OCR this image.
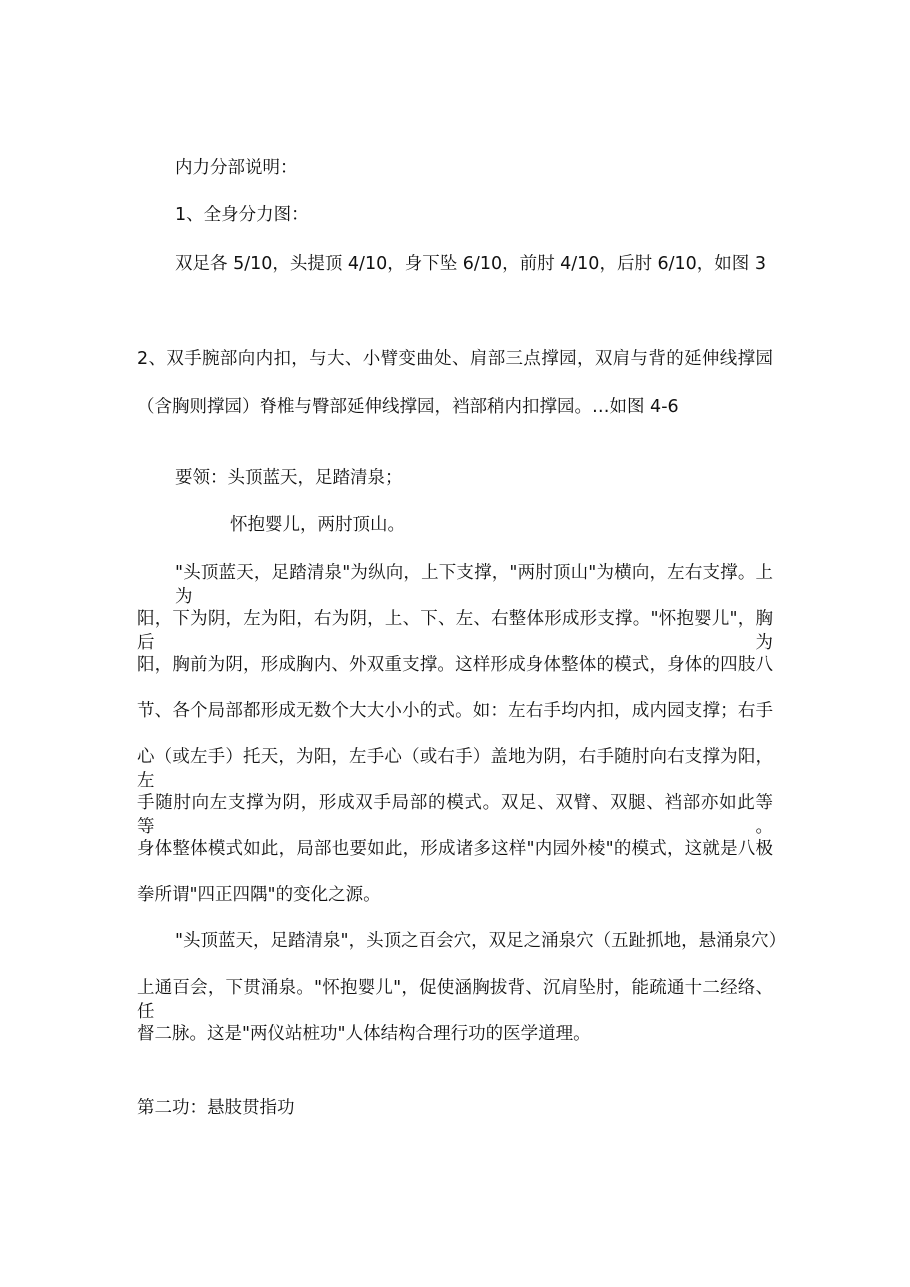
内力分部说明：
1、全身分力图：
双足各 5/10，头提顶 4/10，身下坠 6/10，前肘 4/10，后肘 6/10，如图 3
2、双手腕部向内扣，与大、小臂变曲处、肩部三点撑园，双肩与背的延伸线撑园
（含胸则撑园）脊椎与臀部延伸线撑园，裆部稍内扣撑园。…如图 4-6
要领：头顶蓝天，足踏清泉；
怀抱婴儿，两肘顶山。
"头顶蓝天，足踏清泉"为纵向，上下支撑，"两肘顶山"为横向，左右支撑。上为
阳，下为阴，左为阳，右为阴，上、下、左、右整体形成形支撑。"怀抱婴儿"，胸后为
阳，胸前为阴，形成胸内、外双重支撑。这样形成身体整体的模式，身体的四肢八
节、各个局部都形成无数个大大小小的式。如：左右手均内扣，成内园支撑；右手
心（或左手）托天，为阳，左手心（或右手）盖地为阴，右手随肘向右支撑为阳，左
手随肘向左支撑为阴，形成双手局部的模式。双足、双臂、双腿、裆部亦如此等等。
身体整体模式如此，局部也要如此，形成诸多这样"内园外棱"的模式，这就是八极
拳所谓"四正四隅"的变化之源。
"头顶蓝天，足踏清泉"，头顶之百会穴，双足之涌泉穴（五趾抓地，悬涌泉穴）
上通百会，下贯涌泉。"怀抱婴儿"，促使涵胸拔背、沉肩坠肘，能疏通十二经络、任
督二脉。这是"两仪站桩功"人体结构合理行功的医学道理。
第二功：悬肢贯指功
